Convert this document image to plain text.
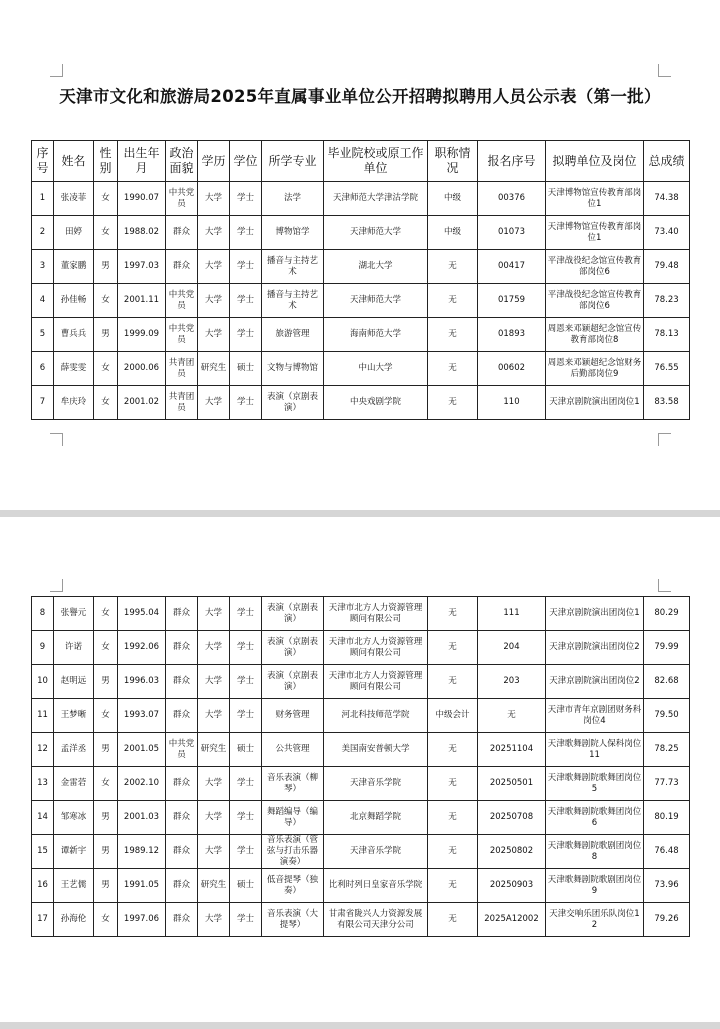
天津市文化和旅游局2025年直属事业单位公开招聘拟聘用人员公示表（第一批）
序号	姓名	性别	出生年月	政治面貌	学历	学位	所学专业	毕业院校或原工作单位	职称情况	报名序号	拟聘单位及岗位	总成绩
1	张凌菲	女	1990.07	中共党员	大学	学士	法学	天津师范大学津沽学院	中级	00376	天津博物馆宣传教育部岗位1	74.38
2	田婷	女	1988.02	群众	大学	学士	博物馆学	天津师范大学	中级	01073	天津博物馆宣传教育部岗位1	73.40
3	董家鹏	男	1997.03	群众	大学	学士	播音与主持艺术	湖北大学	无	00417	平津战役纪念馆宣传教育部岗位6	79.48
4	孙佳畅	女	2001.11	中共党员	大学	学士	播音与主持艺术	天津师范大学	无	01759	平津战役纪念馆宣传教育部岗位6	78.23
5	曹兵兵	男	1999.09	中共党员	大学	学士	旅游管理	海南师范大学	无	01893	周恩来邓颖超纪念馆宣传教育部岗位8	78.13
6	薛雯雯	女	2000.06	共青团员	研究生	硕士	文物与博物馆	中山大学	无	00602	周恩来邓颖超纪念馆财务后勤部岗位9	76.55
7	牟庆玲	女	2001.02	共青团员	大学	学士	表演（京剧表演）	中央戏剧学院	无	110	天津京剧院演出团岗位1	83.58
8	张譽元	女	1995.04	群众	大学	学士	表演（京剧表演）	天津市北方人力资源管理顾问有限公司	无	111	天津京剧院演出团岗位1	80.29
9	许诺	女	1992.06	群众	大学	学士	表演（京剧表演）	天津市北方人力资源管理顾问有限公司	无	204	天津京剧院演出团岗位2	79.99
10	赵明远	男	1996.03	群众	大学	学士	表演（京剧表演）	天津市北方人力资源管理顾问有限公司	无	203	天津京剧院演出团岗位2	82.68
11	王梦晰	女	1993.07	群众	大学	学士	财务管理	河北科技师范学院	中级会计	无	天津市青年京剧团财务科岗位4	79.50
12	孟洋丞	男	2001.05	中共党员	研究生	硕士	公共管理	美国南安普顿大学	无	20251104	天津歌舞剧院人保科岗位11	78.25
13	金雷菪	女	2002.10	群众	大学	学士	音乐表演（柳琴）	天津音乐学院	无	20250501	天津歌舞剧院歌舞团岗位5	77.73
14	邹寒冰	男	2001.03	群众	大学	学士	舞蹈编导（编导）	北京舞蹈学院	无	20250708	天津歌舞剧院歌舞团岗位6	80.19
15	谭新宇	男	1989.12	群众	大学	学士	音乐表演（管弦与打击乐器演奏）	天津音乐学院	无	20250802	天津歌舞剧院歌剧团岗位8	76.48
16	王艺儒	男	1991.05	群众	研究生	硕士	低音提琴（独奏）	比利时列日皇家音乐学院	无	20250903	天津歌舞剧院歌剧团岗位9	73.96
17	孙海伦	女	1997.06	群众	大学	学士	音乐表演（大提琴）	甘肃省陇兴人力资源发展有限公司天津分公司	无	2025A12002	天津交响乐团乐队岗位12	79.26
